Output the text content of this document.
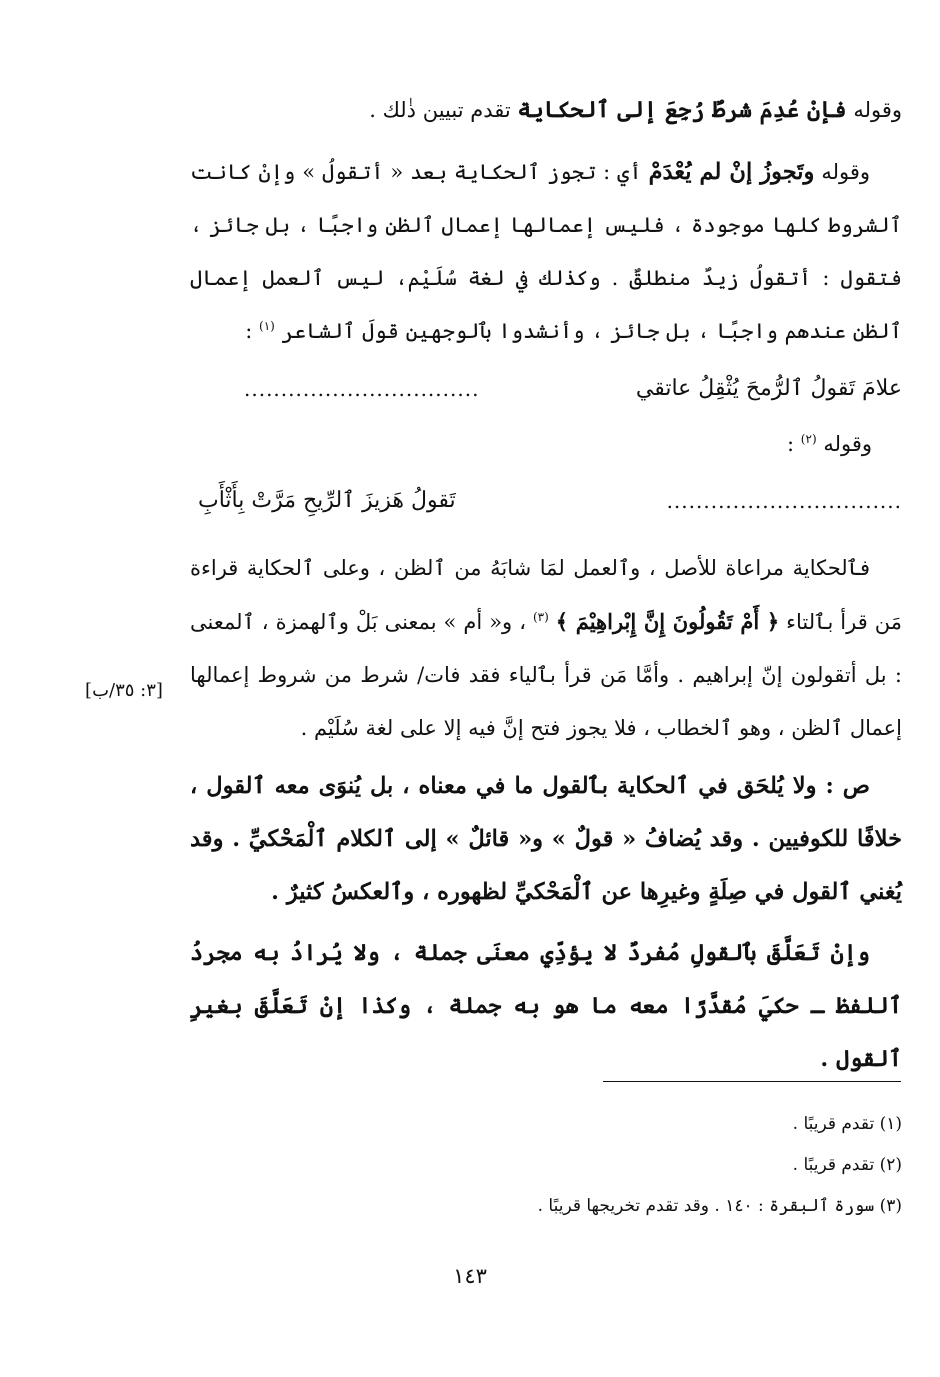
وقوله فإنْ عُدِمَ شرطٌ رُجِعَ إلى ٱلحكاية تقدم تبيين ذٰلك .
وقوله وتَجوزُ إنْ لم يُعْدَمْ أي : تجوز ٱلحكاية بعد « أتقولُ » وإنْ كانت ٱلشروط كلها موجودة ، فليس إعمالها إعمال ٱلظن واجبًا ، بل جائز ، فتقول : أتقولُ زيدٌ منطلقٌ . وكذٰلك في لغة سُلَيْم، ليس ٱلعمل إعمال ٱلظن عندهم واجبًا ، بل جائز ، وأنشدوا بٱلوجهين قولَ ٱلشاعر $^{(١)}$ :
علامَ تَقولُ ٱلرُّمحَ يُثْقِلُ عاتقي
................................
وقوله $^{(٢)}$ :
................................
تَقولُ هَزيزَ ٱلرِّيحِ مَرَّتْ بِأَثْأَبِ
فٱلحكاية مراعاة للأصل ، وٱلعمل لمَا شابَهُ من ٱلظن ، وعلى ٱلحكاية قراءة مَن قرأ بٱلتاء ﴿ أَمْ تَقُولُونَ إِنَّ إِبْراهِيْمَ ﴾ $^{(٣)}$ ، و« أم » بمعنى بَلْ وٱلهمزة ، ٱلمعنى : بل أتقولون إنّ إبراهيم . وأمَّا مَن قرأ بٱلياء فقد فات/ شرط من شروط إعمالها إعمال ٱلظن ، وهو ٱلخطاب ، فلا يجوز فتح إنَّ فيه إلا على لغة سُلَيْم .
[٣: ٣٥/ب]
ص : ولا يُلحَق في ٱلحكاية بٱلقول ما في معناه ، بل يُنوَى معه ٱلقول ، خلافًا للكوفيين . وقد يُضافُ « قولٌ » و« قائلٌ » إلى ٱلكلام ٱلْمَحْكيِّ . وقد يُغني ٱلقول في صِلَةٍ وغيرِها عن ٱلْمَحْكيِّ لظهوره ، وٱلعكسُ كثيرٌ .
وإنْ تَعَلَّقَ بٱلقولِ مُفردٌ لا يؤدِّي معنَى جملة ، ولا يُرادُ به مجردُ ٱللفظ ـ حكيَ مُقدَّرًا معه ما هو به جملة ، وكذا إنْ تَعَلَّقَ بغيرِ ٱلقول .
(١) تقدم قريبًا .
(٢) تقدم قريبًا .
(٣) سورة ٱلبقرة : ١٤٠ . وقد تقدم تخريجها قريبًا .
١٤٣
